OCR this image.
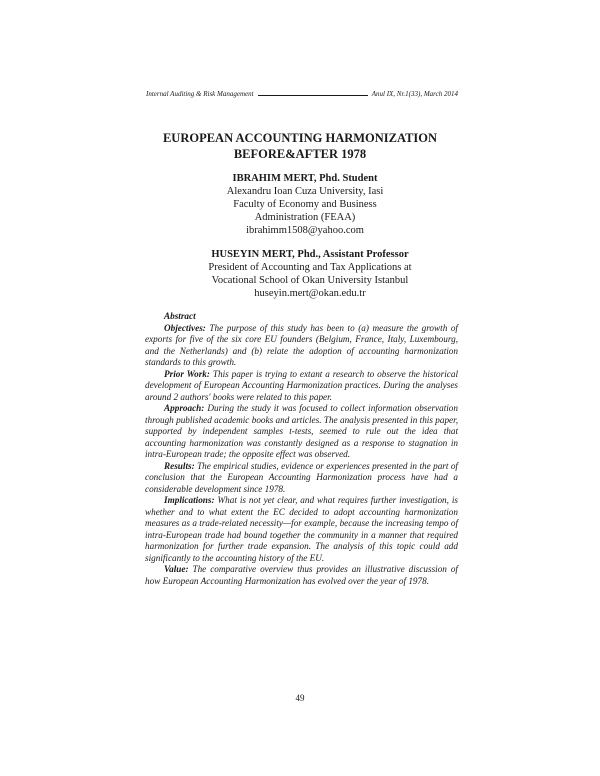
Internal Auditing & Risk Management	Anul IX, Nr.1(33), March 2014
EUROPEAN ACCOUNTING HARMONIZATION
BEFORE&AFTER 1978
IBRAHIM MERT, Phd. Student
Alexandru Ioan Cuza University, Iasi
Faculty of Economy and Business
Administration (FEAA)
ibrahimm1508@yahoo.com
HUSEYIN MERT, Phd., Assistant Professor
President of Accounting and Tax Applications at
Vocational School of Okan University Istanbul
huseyin.mert@okan.edu.tr
Abstract

Objectives: The purpose of this study has been to (a) measure the growth of exports for five of the six core EU founders (Belgium, France, Italy, Luxembourg, and the Netherlands) and (b) relate the adoption of accounting harmonization standards to this growth.

Prior Work: This paper is trying to extant a research to observe the historical development of European Accounting Harmonization practices. During the analyses around 2 authors' books were related to this paper.

Approach: During the study it was focused to collect information observation through published academic books and articles. The analysis presented in this paper, supported by independent samples t-tests, seemed to rule out the idea that accounting harmonization was constantly designed as a response to stagnation in intra-European trade; the opposite effect was observed.

Results: The empirical studies, evidence or experiences presented in the part of conclusion that the European Accounting Harmonization process have had a considerable development since 1978.

Implications: What is not yet clear, and what requires further investigation, is whether and to what extent the EC decided to adopt accounting harmonization measures as a trade-related necessity—for example, because the increasing tempo of intra-European trade had bound together the community in a manner that required harmonization for further trade expansion. The analysis of this topic could add significantly to the accounting history of the EU.

Value: The comparative overview thus provides an illustrative discussion of how European Accounting Harmonization has evolved over the year of 1978.

49
